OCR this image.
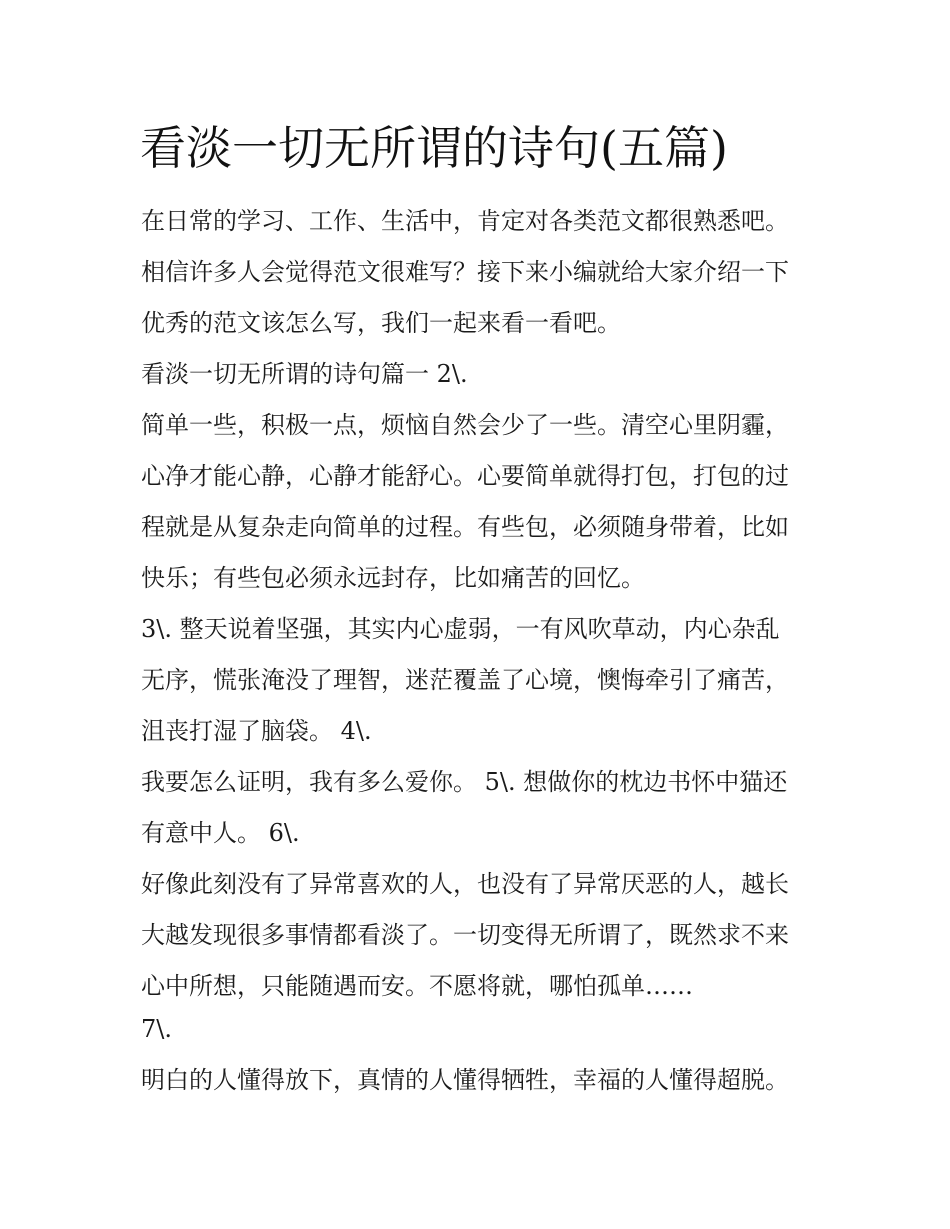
看淡一切无所谓的诗句(五篇)

在日常的学习、工作、生活中，肯定对各类范文都很熟悉吧。

相信许多人会觉得范文很难写？接下来小编就给大家介绍一下

优秀的范文该怎么写，我们一起来看一看吧。

看淡一切无所谓的诗句篇一 2\.

简单一些，积极一点，烦恼自然会少了一些。清空心里阴霾，

心净才能心静，心静才能舒心。心要简单就得打包，打包的过

程就是从复杂走向简单的过程。有些包，必须随身带着，比如

快乐；有些包必须永远封存，比如痛苦的回忆。

3\. 整天说着坚强，其实内心虚弱，一有风吹草动，内心杂乱

无序，慌张淹没了理智，迷茫覆盖了心境，懊悔牵引了痛苦，

沮丧打湿了脑袋。 4\.

我要怎么证明，我有多么爱你。 5\. 想做你的枕边书怀中猫还

有意中人。 6\.

好像此刻没有了异常喜欢的人，也没有了异常厌恶的人，越长

大越发现很多事情都看淡了。一切变得无所谓了，既然求不来

心中所想，只能随遇而安。不愿将就，哪怕孤单……

7\.

明白的人懂得放下，真情的人懂得牺牲，幸福的人懂得超脱。
